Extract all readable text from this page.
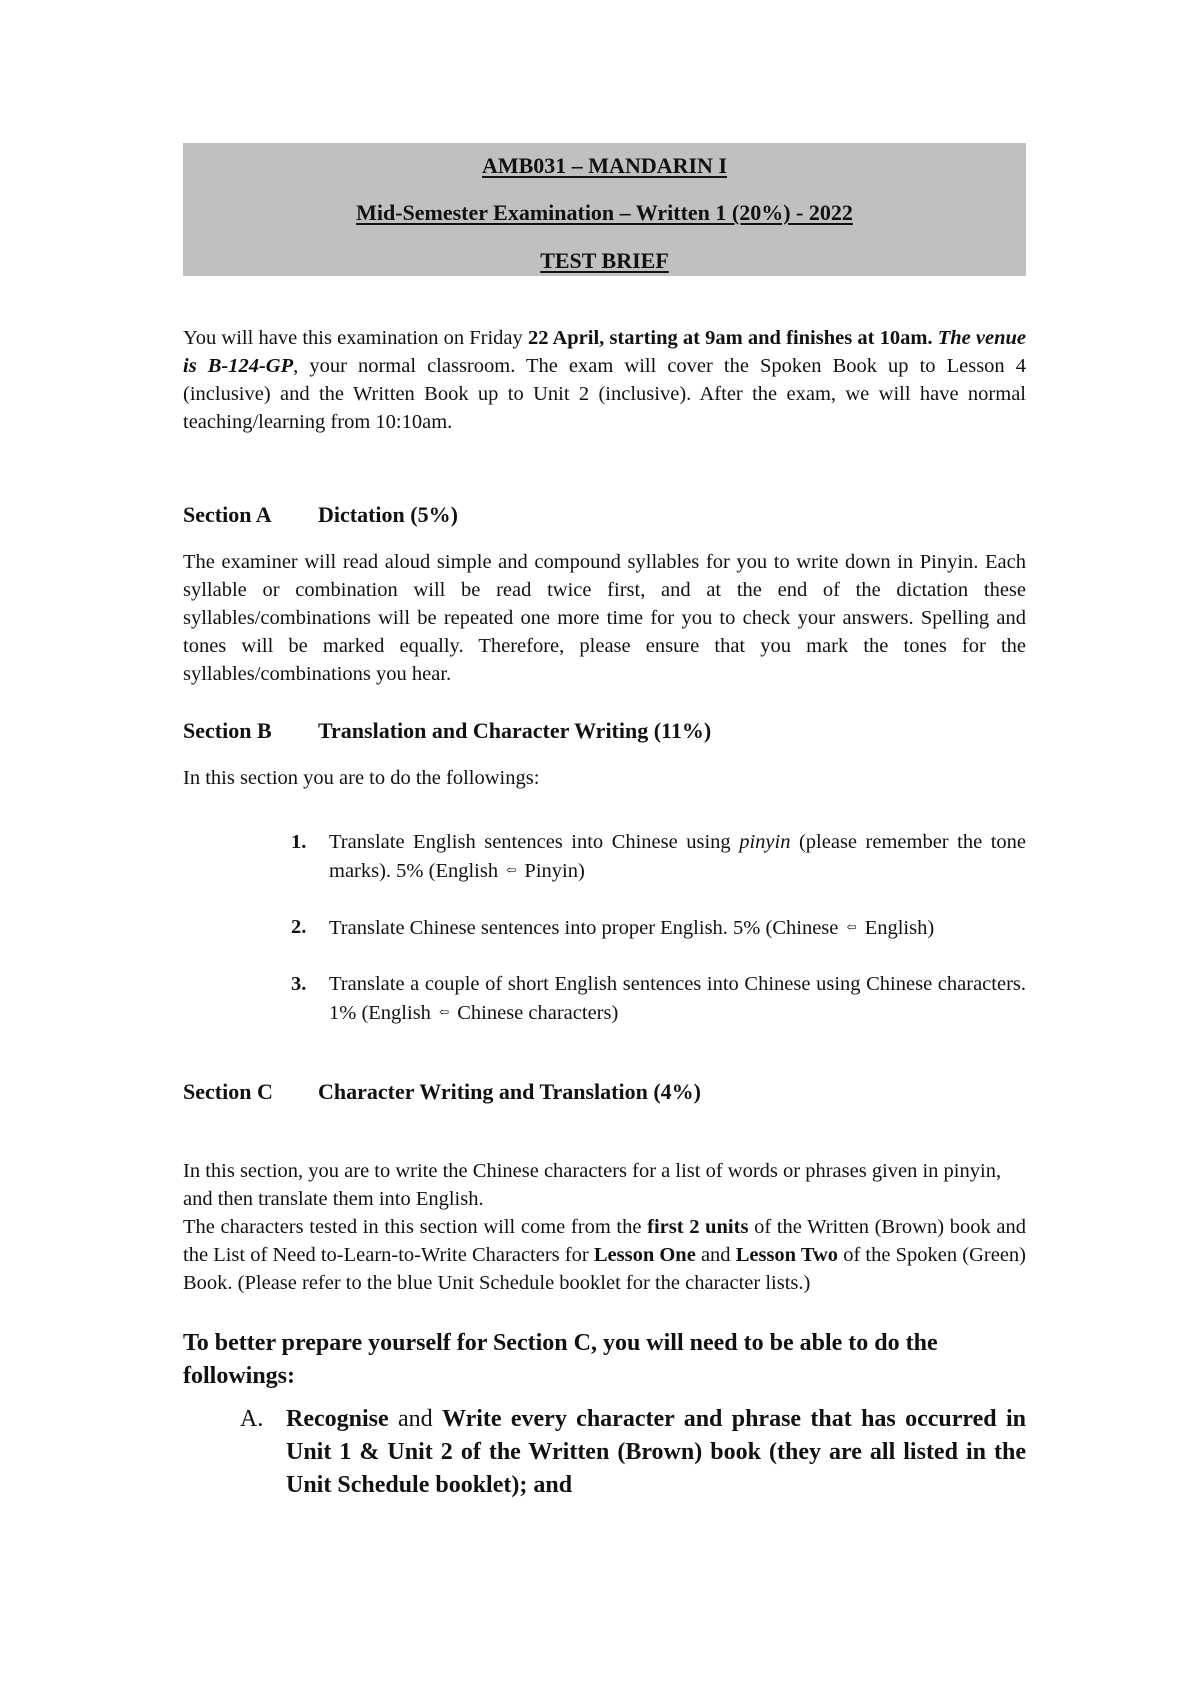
AMB031 – MANDARIN I
Mid-Semester Examination – Written 1 (20%) - 2022
TEST BRIEF

You will have this examination on Friday 22 April, starting at 9am and finishes at 10am. The venue is B-124-GP, your normal classroom. The exam will cover the Spoken Book up to Lesson 4 (inclusive) and the Written Book up to Unit 2 (inclusive). After the exam, we will have normal teaching/learning from 10:10am.

Section A Dictation (5%)

The examiner will read aloud simple and compound syllables for you to write down in Pinyin. Each syllable or combination will be read twice first, and at the end of the dictation these syllables/combinations will be repeated one more time for you to check your answers. Spelling and tones will be marked equally. Therefore, please ensure that you mark the tones for the syllables/combinations you hear.

Section B Translation and Character Writing (11%)

In this section you are to do the followings:

1. Translate English sentences into Chinese using pinyin (please remember the tone marks). 5% (English ⇦ Pinyin)
2. Translate Chinese sentences into proper English. 5% (Chinese ⇦ English)
3. Translate a couple of short English sentences into Chinese using Chinese characters. 1% (English ⇦ Chinese characters)
Section C Character Writing and Translation (4%)

In this section, you are to write the Chinese characters for a list of words or phrases given in pinyin, and then translate them into English.

The characters tested in this section will come from the first 2 units of the Written (Brown) book and the List of Need to-Learn-to-Write Characters for Lesson One and Lesson Two of the Spoken (Green) Book. (Please refer to the blue Unit Schedule booklet for the character lists.)

To better prepare yourself for Section C, you will need to be able to do the followings:
A. Recognise and Write every character and phrase that has occurred in Unit 1 & Unit 2 of the Written (Brown) book (they are all listed in the Unit Schedule booklet); and
